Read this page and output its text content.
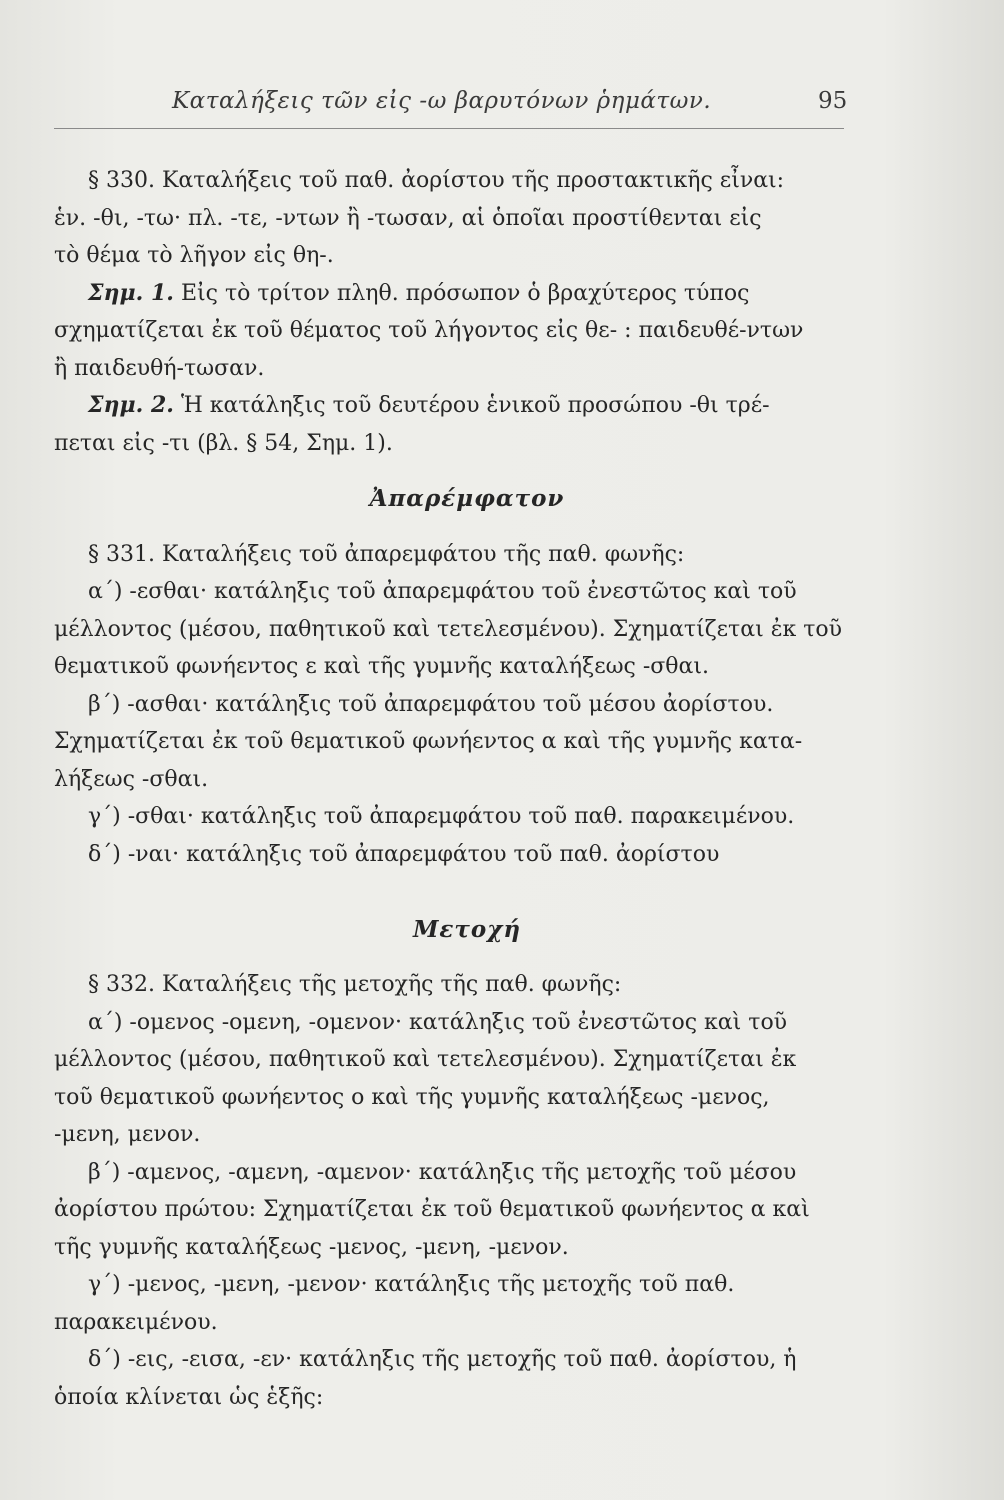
Καταλήξεις τῶν εἰς -ω βαρυτόνων ῥημάτων.	95
§ 330. Καταλήξεις τοῦ παθ. ἀορίστου τῆς προστακτικῆς εἶναι:
ἑν. -θι, -τω· πλ. -τε, -ντων ἢ -τωσαν, αἱ ὁποῖαι προστίθενται εἰς
τὸ θέμα τὸ λῆγον εἰς θη-.
Σημ. 1. Εἰς τὸ τρίτον πληθ. πρόσωπον ὁ βραχύτερος τύπος
σχηματίζεται ἐκ τοῦ θέματος τοῦ λήγοντος εἰς θε- : παιδευθέ-ντων
ἢ παιδευθή-τωσαν.
Σημ. 2. Ἡ κατάληξις τοῦ δευτέρου ἑνικοῦ προσώπου -θι τρέ-
πεται εἰς -τι (βλ. § 54, Σημ. 1).
Ἀπαρέμφατον
§ 331. Καταλήξεις τοῦ ἀπαρεμφάτου τῆς παθ. φωνῆς:
α΄) -εσθαι· κατάληξις τοῦ ἀπαρεμφάτου τοῦ ἐνεστῶτος καὶ τοῦ
μέλλοντος (μέσου, παθητικοῦ καὶ τετελεσμένου). Σχηματίζεται ἐκ τοῦ
θεματικοῦ φωνήεντος ε καὶ τῆς γυμνῆς καταλήξεως -σθαι.
β΄) -ασθαι· κατάληξις τοῦ ἀπαρεμφάτου τοῦ μέσου ἀορίστου.
Σχηματίζεται ἐκ τοῦ θεματικοῦ φωνήεντος α καὶ τῆς γυμνῆς κατα-
λήξεως -σθαι.
γ΄) -σθαι· κατάληξις τοῦ ἀπαρεμφάτου τοῦ παθ. παρακειμένου.
δ΄) -ναι· κατάληξις τοῦ ἀπαρεμφάτου τοῦ παθ. ἀορίστου
Μετοχή
§ 332. Καταλήξεις τῆς μετοχῆς τῆς παθ. φωνῆς:
α΄) -ομενος -ομενη, -ομενον· κατάληξις τοῦ ἐνεστῶτος καὶ τοῦ
μέλλοντος (μέσου, παθητικοῦ καὶ τετελεσμένου). Σχηματίζεται ἐκ
τοῦ θεματικοῦ φωνήεντος ο καὶ τῆς γυμνῆς καταλήξεως -μενος,
-μενη, μενον.
β΄) -αμενος, -αμενη, -αμενον· κατάληξις τῆς μετοχῆς τοῦ μέσου
ἀορίστου πρώτου: Σχηματίζεται ἐκ τοῦ θεματικοῦ φωνήεντος α καὶ
τῆς γυμνῆς καταλήξεως -μενος, -μενη, -μενον.
γ΄) -μενος, -μενη, -μενον· κατάληξις τῆς μετοχῆς τοῦ παθ.
παρακειμένου.
δ΄) -εις, -εισα, -εν· κατάληξις τῆς μετοχῆς τοῦ παθ. ἀορίστου, ἡ
ὁποία κλίνεται ὡς ἑξῆς:
